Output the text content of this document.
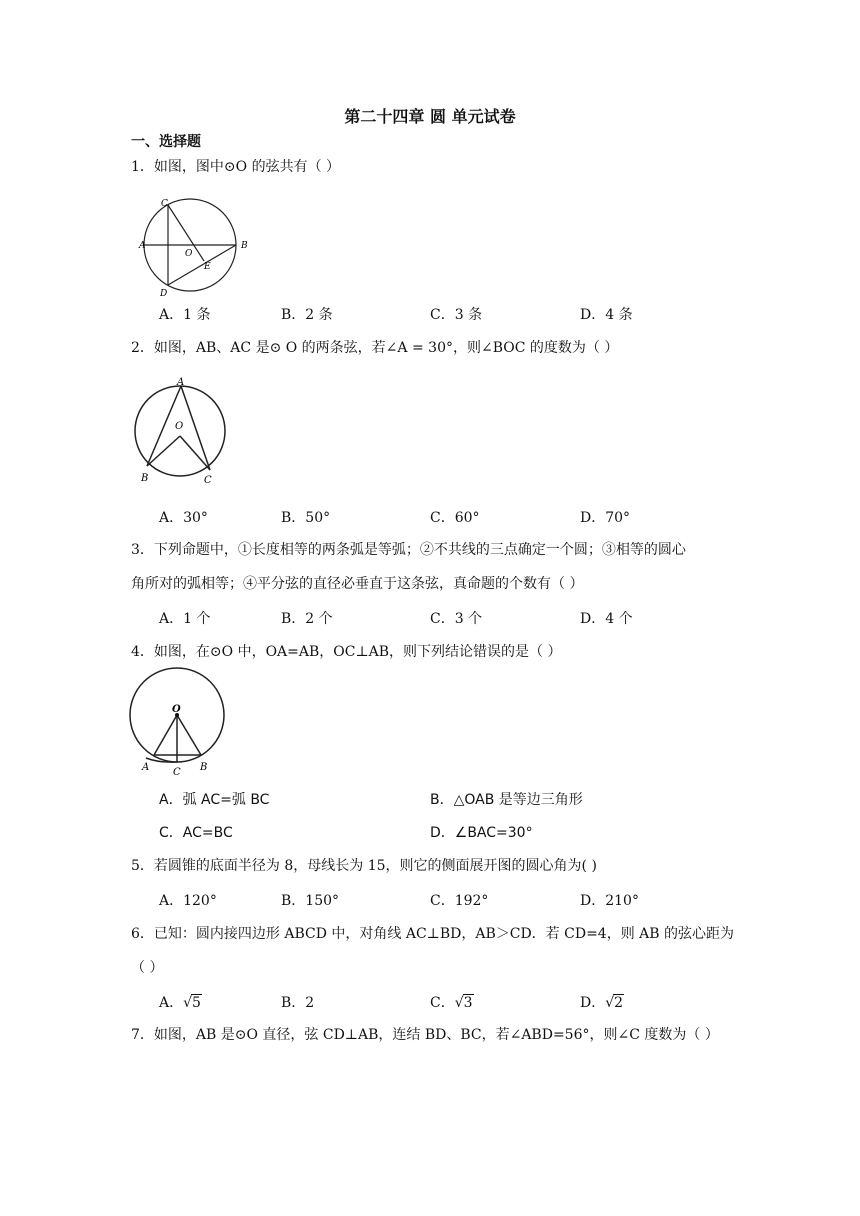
第二十四章 圆 单元试卷
一、选择题
1．如图，图中⊙O 的弦共有（ ）
C
A	B
O
E
D
A．1 条	B．2 条	C．3 条	D．4 条
2．如图，AB、AC 是⊙ O 的两条弦，若∠A = 30°，则∠BOC 的度数为（ ）
A
O
B	C
A．30°	B．50°	C．60°	D．70°
3．下列命题中，①长度相等的两条弧是等弧；②不共线的三点确定一个圆；③相等的圆心
角所对的弧相等；④平分弦的直径必垂直于这条弦，真命题的个数有（ ）
A．1 个	B．2 个	C．3 个	D．4 个
4．如图，在⊙O 中，OA=AB，OC⊥AB，则下列结论错误的是（ ）
O
A C B
A．弧 AC=弧 BC	B．△OAB 是等边三角形
C．AC=BC	D．∠BAC=30°
5．若圆锥的底面半径为 8，母线长为 15，则它的侧面展开图的圆心角为( )
A．120°	B．150°	C．192°	D．210°
6．已知：圆内接四边形 ABCD 中，对角线 AC⊥BD，AB＞CD．若 CD=4，则 AB 的弦心距为
（ ）
A．√5	B．2	C．√3	D．√2
7．如图，AB 是⊙O 直径，弦 CD⊥AB，连结 BD、BC，若∠ABD=56°，则∠C 度数为（ ）
